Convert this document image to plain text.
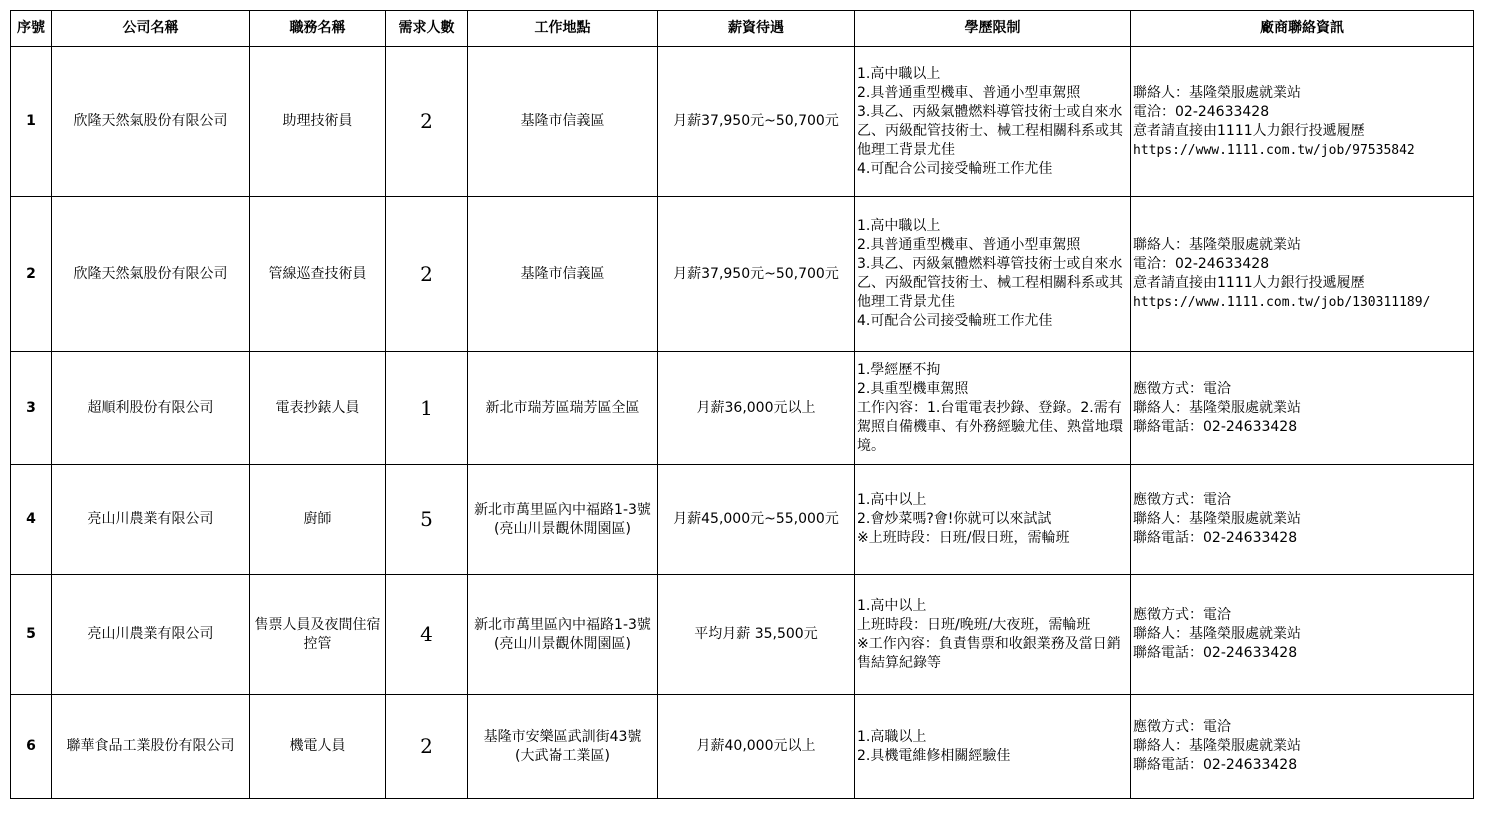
序號	公司名稱	職務名稱	需求人數	工作地點	薪資待遇	學歷限制	廠商聯絡資訊
1	欣隆天然氣股份有限公司	助理技術員	2	基隆市信義區	月薪37,950元~50,700元	1.高中職以上
2.具普通重型機車、普通小型車駕照
3.具乙、丙級氣體燃料導管技術士或自來水乙、丙級配管技術士、械工程相關科系或其他理工背景尤佳
4.可配合公司接受輪班工作尤佳	聯絡人：基隆榮服處就業站
電洽：02-24633428
意者請直接由1111人力銀行投遞履歷
https://www.1111.com.tw/job/97535842

2	欣隆天然氣股份有限公司	管線巡查技術員	2	基隆市信義區	月薪37,950元~50,700元	1.高中職以上
2.具普通重型機車、普通小型車駕照
3.具乙、丙級氣體燃料導管技術士或自來水乙、丙級配管技術士、械工程相關科系或其他理工背景尤佳
4.可配合公司接受輪班工作尤佳	聯絡人：基隆榮服處就業站
電洽：02-24633428
意者請直接由1111人力銀行投遞履歷
https://www.1111.com.tw/job/130311189/

3	超順利股份有限公司	電表抄錶人員	1	新北市瑞芳區瑞芳區全區	月薪36,000元以上	1.學經歷不拘
2.具重型機車駕照
工作內容：1.台電電表抄錄、登錄。2.需有駕照自備機車、有外務經驗尤佳、熟當地環境。	應徵方式：電洽
聯絡人：基隆榮服處就業站
聯絡電話：02-24633428

4	亮山川農業有限公司	廚師	5	新北市萬里區內中福路1-3號
(亮山川景觀休閒園區)	月薪45,000元~55,000元	1.高中以上
2.會炒菜嗎?會!你就可以來試試
※上班時段：日班/假日班，需輪班	應徵方式：電洽
聯絡人：基隆榮服處就業站
聯絡電話：02-24633428

5	亮山川農業有限公司	售票人員及夜間住宿控管	4	新北市萬里區內中福路1-3號
(亮山川景觀休閒園區)	平均月薪 35,500元	1.高中以上
上班時段：日班/晚班/大夜班，需輪班
※工作內容：負責售票和收銀業務及當日銷售結算紀錄等	應徵方式：電洽
聯絡人：基隆榮服處就業站
聯絡電話：02-24633428

6	聯華食品工業股份有限公司	機電人員	2	基隆市安樂區武訓街43號
(大武崙工業區)	月薪40,000元以上	1.高職以上
2.具機電維修相關經驗佳	應徵方式：電洽
聯絡人：基隆榮服處就業站
聯絡電話：02-24633428
